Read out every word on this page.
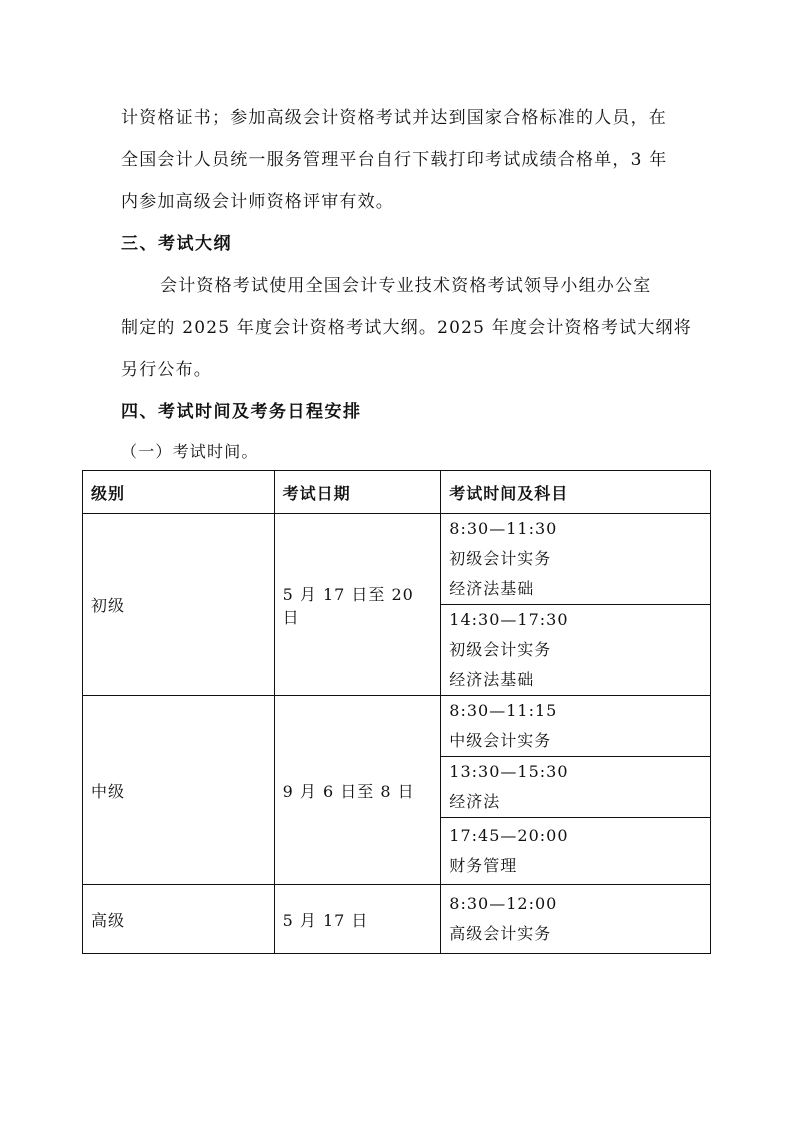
计资格证书；参加高级会计资格考试并达到国家合格标准的人员，在
全国会计人员统一服务管理平台自行下载打印考试成绩合格单，3 年
内参加高级会计师资格评审有效。
三、考试大纲
会计资格考试使用全国会计专业技术资格考试领导小组办公室
制定的 2025 年度会计资格考试大纲。2025 年度会计资格考试大纲将
另行公布。
四、考试时间及考务日程安排
（一）考试时间。
级别	考试日期	考试时间及科目
初级	5 月 17 日至 20 日	8:30—11:30
初级会计实务
经济法基础

		14:30—17:30
初级会计实务
经济法基础

中级	9 月 6 日至 8 日	8:30—11:15
中级会计实务

		13:30—15:30
经济法

		17:45—20:00
财务管理

高级	5 月 17 日	8:30—12:00
高级会计实务
